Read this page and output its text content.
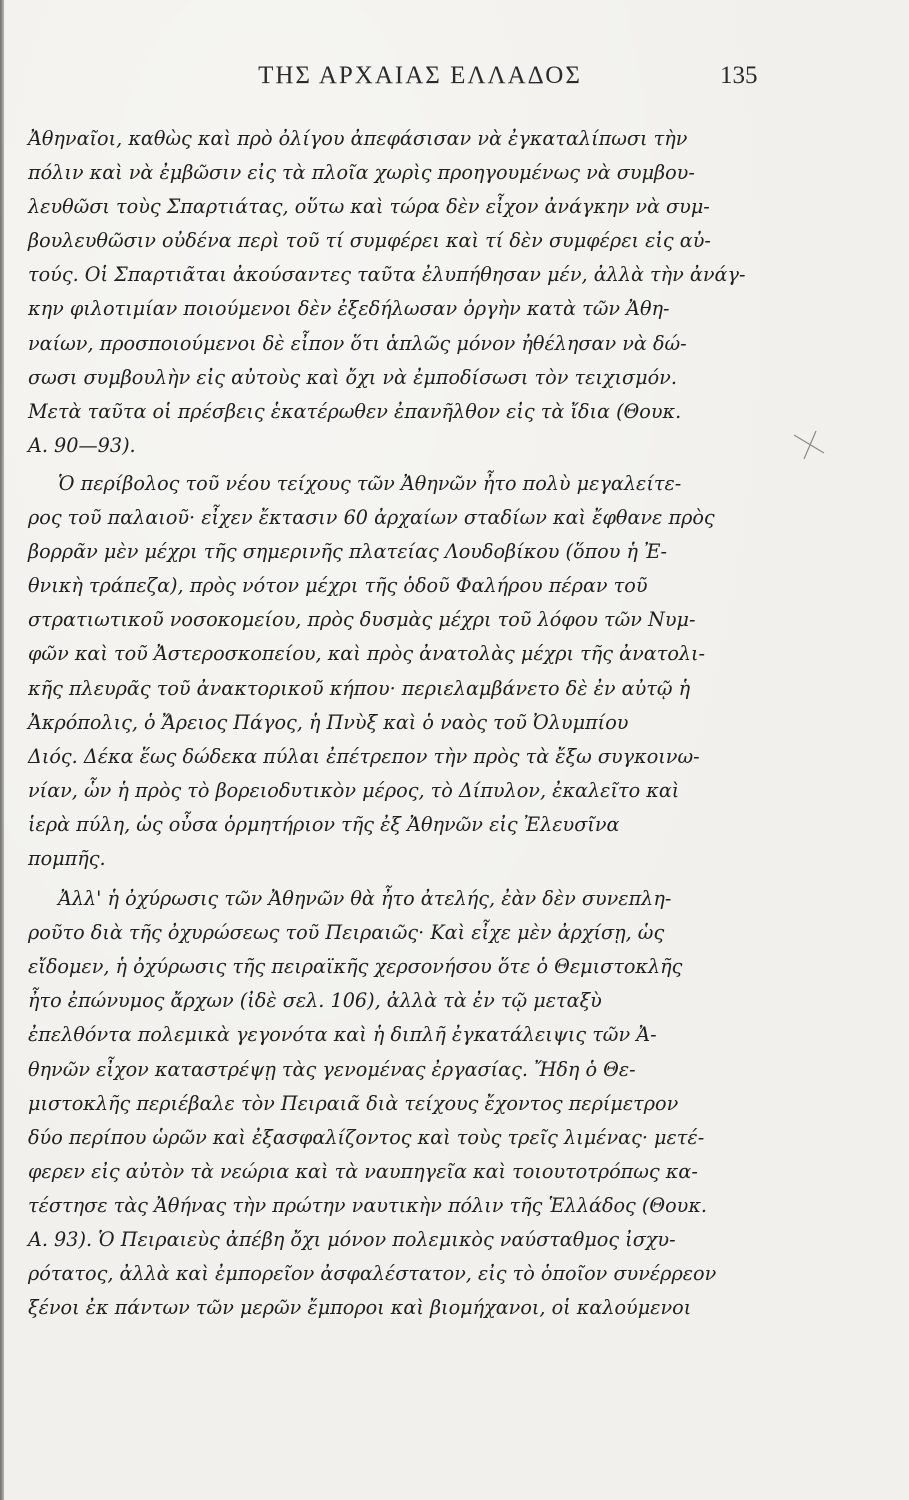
ΤΗΣ ΑΡΧΑΙΑΣ ΕΛΛΑΔΟΣ	135
Ἀθηναῖοι, καθὼς καὶ πρὸ ὀλίγου ἀπεφάσισαν νὰ ἐγκαταλίπωσι τὴν
πόλιν καὶ νὰ ἐμβῶσιν εἰς τὰ πλοῖα χωρὶς προηγουμένως νὰ συμβου-
λευθῶσι τοὺς Σπαρτιάτας, οὕτω καὶ τώρα δὲν εἶχον ἀνάγκην νὰ συμ-
βουλευθῶσιν οὐδένα περὶ τοῦ τί συμφέρει καὶ τί δὲν συμφέρει εἰς αὐ-
τούς. Οἱ Σπαρτιᾶται ἀκούσαντες ταῦτα ἐλυπήθησαν μέν, ἀλλὰ τὴν ἀνάγ-
κην φιλοτιμίαν ποιούμενοι δὲν ἐξεδήλωσαν ὀργὴν κατὰ τῶν Ἀθη-
ναίων, προσποιούμενοι δὲ εἶπον ὅτι ἁπλῶς μόνον ἠθέλησαν νὰ δώ-
σωσι συμβουλὴν εἰς αὐτοὺς καὶ ὄχι νὰ ἐμποδίσωσι τὸν τειχισμόν.
Μετὰ ταῦτα οἱ πρέσβεις ἑκατέρωθεν ἐπανῆλθον εἰς τὰ ἴδια (Θουκ.
Α. 90—93).
Ὁ περίβολος τοῦ νέου τείχους τῶν Ἀθηνῶν ἦτο πολὺ μεγαλείτε-
ρος τοῦ παλαιοῦ· εἶχεν ἔκτασιν 60 ἀρχαίων σταδίων καὶ ἔφθανε πρὸς
βορρᾶν μὲν μέχρι τῆς σημερινῆς πλατείας Λουδοβίκου (ὅπου ἡ Ἐ-
θνικὴ τράπεζα), πρὸς νότον μέχρι τῆς ὁδοῦ Φαλήρου πέραν τοῦ
στρατιωτικοῦ νοσοκομείου, πρὸς δυσμὰς μέχρι τοῦ λόφου τῶν Νυμ-
φῶν καὶ τοῦ Ἀστεροσκοπείου, καὶ πρὸς ἀνατολὰς μέχρι τῆς ἀνατολι-
κῆς πλευρᾶς τοῦ ἀνακτορικοῦ κήπου· περιελαμβάνετο δὲ ἐν αὐτῷ ἡ
Ἀκρόπολις, ὁ Ἄρειος Πάγος, ἡ Πνὺξ καὶ ὁ ναὸς τοῦ Ὀλυμπίου
Διός. Δέκα ἕως δώδεκα πύλαι ἐπέτρεπον τὴν πρὸς τὰ ἔξω συγκοινω-
νίαν, ὧν ἡ πρὸς τὸ βορειοδυτικὸν μέρος, τὸ Δίπυλον, ἐκαλεῖτο καὶ
ἱερὰ πύλη, ὡς οὖσα ὁρμητήριον τῆς ἐξ Ἀθηνῶν εἰς Ἐλευσῖνα
πομπῆς.
Ἀλλ' ἡ ὀχύρωσις τῶν Ἀθηνῶν θὰ ἦτο ἀτελής, ἐὰν δὲν συνεπλη-
ροῦτο διὰ τῆς ὀχυρώσεως τοῦ Πειραιῶς· Καὶ εἶχε μὲν ἀρχίσῃ, ὡς
εἴδομεν, ἡ ὀχύρωσις τῆς πειραϊκῆς χερσονήσου ὅτε ὁ Θεμιστοκλῆς
ἦτο ἐπώνυμος ἄρχων (ἰδὲ σελ. 106), ἀλλὰ τὰ ἐν τῷ μεταξὺ
ἐπελθόντα πολεμικὰ γεγονότα καὶ ἡ διπλῆ ἐγκατάλειψις τῶν Ἀ-
θηνῶν εἶχον καταστρέψῃ τὰς γενομένας ἐργασίας. Ἤδη ὁ Θε-
μιστοκλῆς περιέβαλε τὸν Πειραιᾶ διὰ τείχους ἔχοντος περίμετρον
δύο περίπου ὡρῶν καὶ ἐξασφαλίζοντος καὶ τοὺς τρεῖς λιμένας· μετέ-
φερεν εἰς αὐτὸν τὰ νεώρια καὶ τὰ ναυπηγεῖα καὶ τοιουτοτρόπως κα-
τέστησε τὰς Ἀθήνας τὴν πρώτην ναυτικὴν πόλιν τῆς Ἑλλάδος (Θουκ.
Α. 93). Ὁ Πειραιεὺς ἀπέβη ὄχι μόνον πολεμικὸς ναύσταθμος ἰσχυ-
ρότατος, ἀλλὰ καὶ ἐμπορεῖον ἀσφαλέστατον, εἰς τὸ ὁποῖον συνέρρεον
ξένοι ἐκ πάντων τῶν μερῶν ἔμποροι καὶ βιομήχανοι, οἱ καλούμενοι
